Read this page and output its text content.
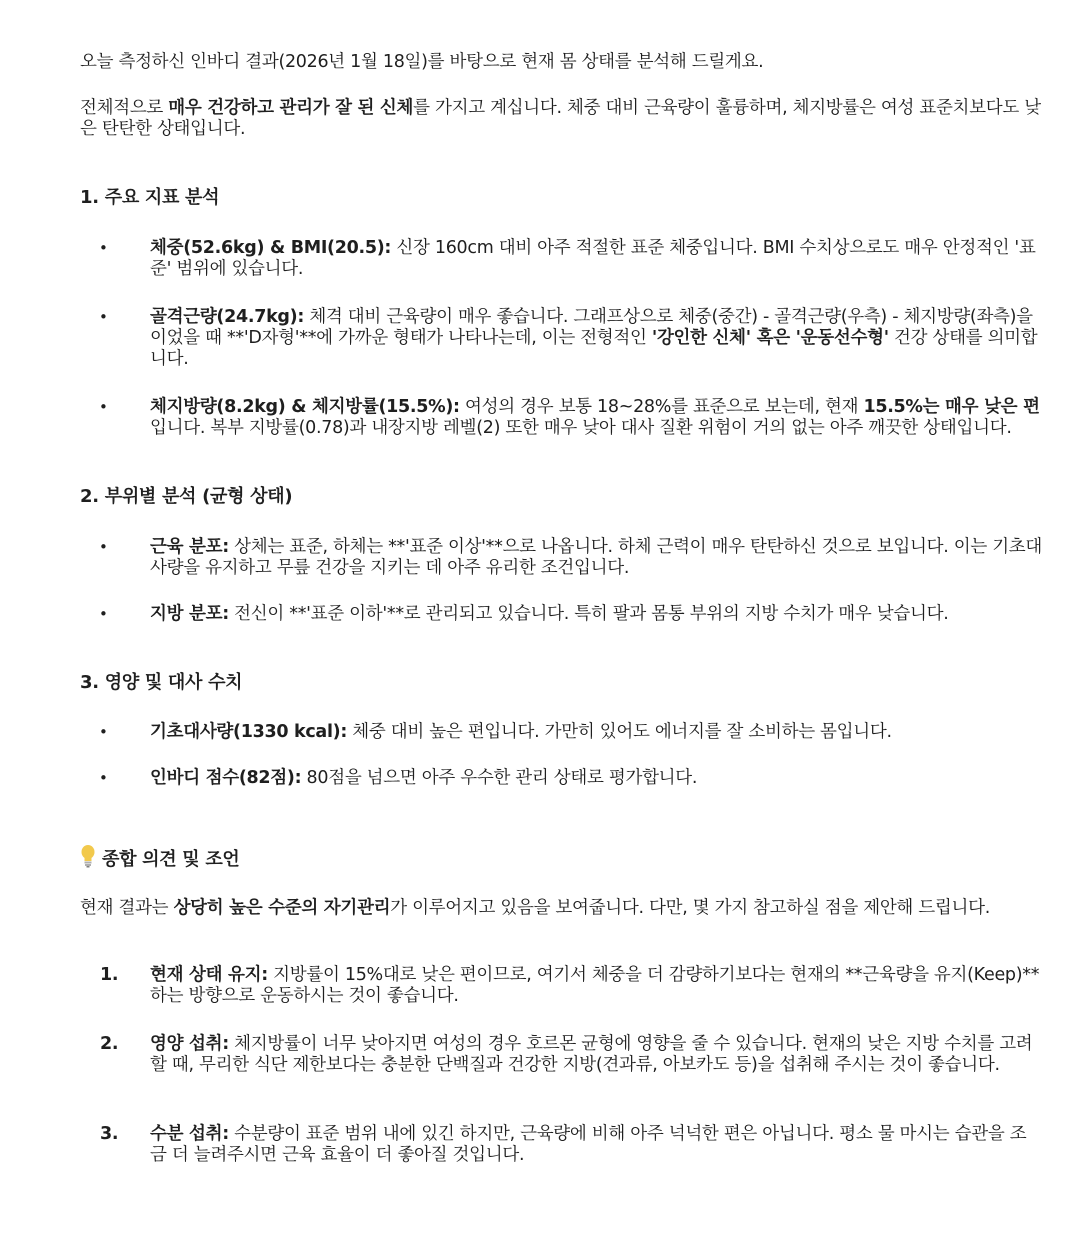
오늘 측정하신 인바디 결과(2026년 1월 18일)를 바탕으로 현재 몸 상태를 분석해 드릴게요.

전체적으로 매우 건강하고 관리가 잘 된 신체를 가지고 계십니다. 체중 대비 근육량이 훌륭하며, 체지방률은 여성 표준치보다도 낮은 탄탄한 상태입니다.

1. 주요 지표 분석
• 체중(52.6kg) & BMI(20.5): 신장 160cm 대비 아주 적절한 표준 체중입니다. BMI 수치상으로도 매우 안정적인 '표준' 범위에 있습니다.

• 골격근량(24.7kg): 체격 대비 근육량이 매우 좋습니다. 그래프상으로 체중(중간) - 골격근량(우측) - 체지방량(좌측)을 이었을 때 **'D자형'**에 가까운 형태가 나타나는데, 이는 전형적인 '강인한 신체' 혹은 '운동선수형' 건강 상태를 의미합니다.

• 체지방량(8.2kg) & 체지방률(15.5%): 여성의 경우 보통 18~28%를 표준으로 보는데, 현재 15.5%는 매우 낮은 편입니다. 복부 지방률(0.78)과 내장지방 레벨(2) 또한 매우 낮아 대사 질환 위험이 거의 없는 아주 깨끗한 상태입니다.

2. 부위별 분석 (균형 상태)
• 근육 분포: 상체는 표준, 하체는 **'표준 이상'**으로 나옵니다. 하체 근력이 매우 탄탄하신 것으로 보입니다. 이는 기초대사량을 유지하고 무릎 건강을 지키는 데 아주 유리한 조건입니다.

• 지방 분포: 전신이 **'표준 이하'**로 관리되고 있습니다. 특히 팔과 몸통 부위의 지방 수치가 매우 낮습니다.

3. 영양 및 대사 수치
• 기초대사량(1330 kcal): 체중 대비 높은 편입니다. 가만히 있어도 에너지를 잘 소비하는 몸입니다.

• 인바디 점수(82점): 80점을 넘으면 아주 우수한 관리 상태로 평가합니다.

종합 의견 및 조언

현재 결과는 상당히 높은 수준의 자기관리가 이루어지고 있음을 보여줍니다. 다만, 몇 가지 참고하실 점을 제안해 드립니다.

1.	현재 상태 유지: 지방률이 15%대로 낮은 편이므로, 여기서 체중을 더 감량하기보다는 현재의 **근육량을 유지(Keep)**하는 방향으로 운동하시는 것이 좋습니다.

2.	영양 섭취: 체지방률이 너무 낮아지면 여성의 경우 호르몬 균형에 영향을 줄 수 있습니다. 현재의 낮은 지방 수치를 고려할 때, 무리한 식단 제한보다는 충분한 단백질과 건강한 지방(견과류, 아보카도 등)을 섭취해 주시는 것이 좋습니다.

3.	수분 섭취: 수분량이 표준 범위 내에 있긴 하지만, 근육량에 비해 아주 넉넉한 편은 아닙니다. 평소 물 마시는 습관을 조금 더 늘려주시면 근육 효율이 더 좋아질 것입니다.
